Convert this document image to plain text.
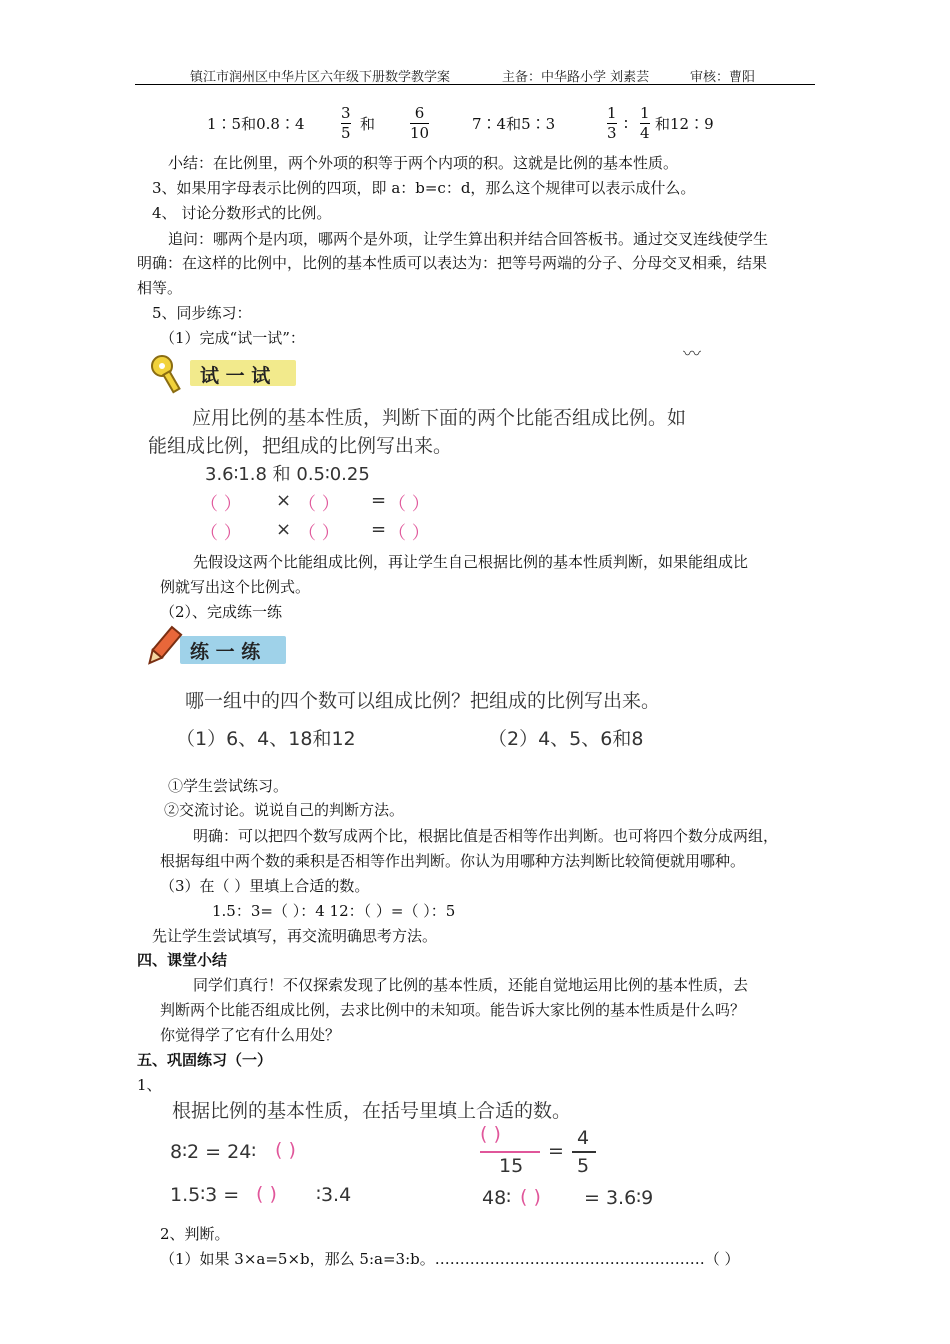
镇江市润州区中华片区六年级下册数学教学案	主备：中华路小学 刘素芸	审核：曹阳
1∶5和0.8∶4
3
5 和
6
10	7∶4和5∶3
1
3 ∶
1
4 和12∶9
小结：在比例里，两个外项的积等于两个内项的积。这就是比例的基本性质。
3、如果用字母表示比例的四项，即 a：b=c：d，那么这个规律可以表示成什么。
4、 讨论分数形式的比例。
追问：哪两个是内项，哪两个是外项，让学生算出积并结合回答板书。通过交叉连线使学生
明确：在这样的比例中，比例的基本性质可以表达为：把等号两端的分子、分母交叉相乘，结果
相等。
5、同步练习：
（1）完成“试一试”：
〰
试 一 试
应用比例的基本性质，判断下面的两个比能否组成比例。如
能组成比例，把组成的比例写出来。
3.6∶1.8 和 0.5∶0.25
（ ） × （ ） = （ ）
（ ） × （ ） = （ ）
先假设这两个比能组成比例，再让学生自己根据比例的基本性质判断，如果能组成比
例就写出这个比例式。
（2）、完成练一练
练 一 练
哪一组中的四个数可以组成比例？把组成的比例写出来。
（1）6、4、18和12	（2）4、5、6和8
①学生尝试练习。
②交流讨论。说说自己的判断方法。
明确：可以把四个数写成两个比，根据比值是否相等作出判断。也可将四个数分成两组，
根据每组中两个数的乘积是否相等作出判断。你认为用哪种方法判断比较简便就用哪种。
（3）在（ ）里填上合适的数。
1.5：3=（ ）：4 12：（ ）=（ ）：5
先让学生尝试填写，再交流明确思考方法。
四、课堂小结
同学们真行！不仅探索发现了比例的基本性质，还能自觉地运用比例的基本性质，去
判断两个比能否组成比例，去求比例中的未知项。能告诉大家比例的基本性质是什么吗？
你觉得学了它有什么用处？
五、巩固练习（一）
1、
根据比例的基本性质，在括号里填上合适的数。
8∶2 = 24∶ ( )
1.5∶3 = ( ) ∶3.4
( )
15
=
4
5
48∶ ( ) = 3.6∶9
2、判断。
（1）如果 3×a=5×b，那么 5:a=3:b。………………………………………………（ ）
